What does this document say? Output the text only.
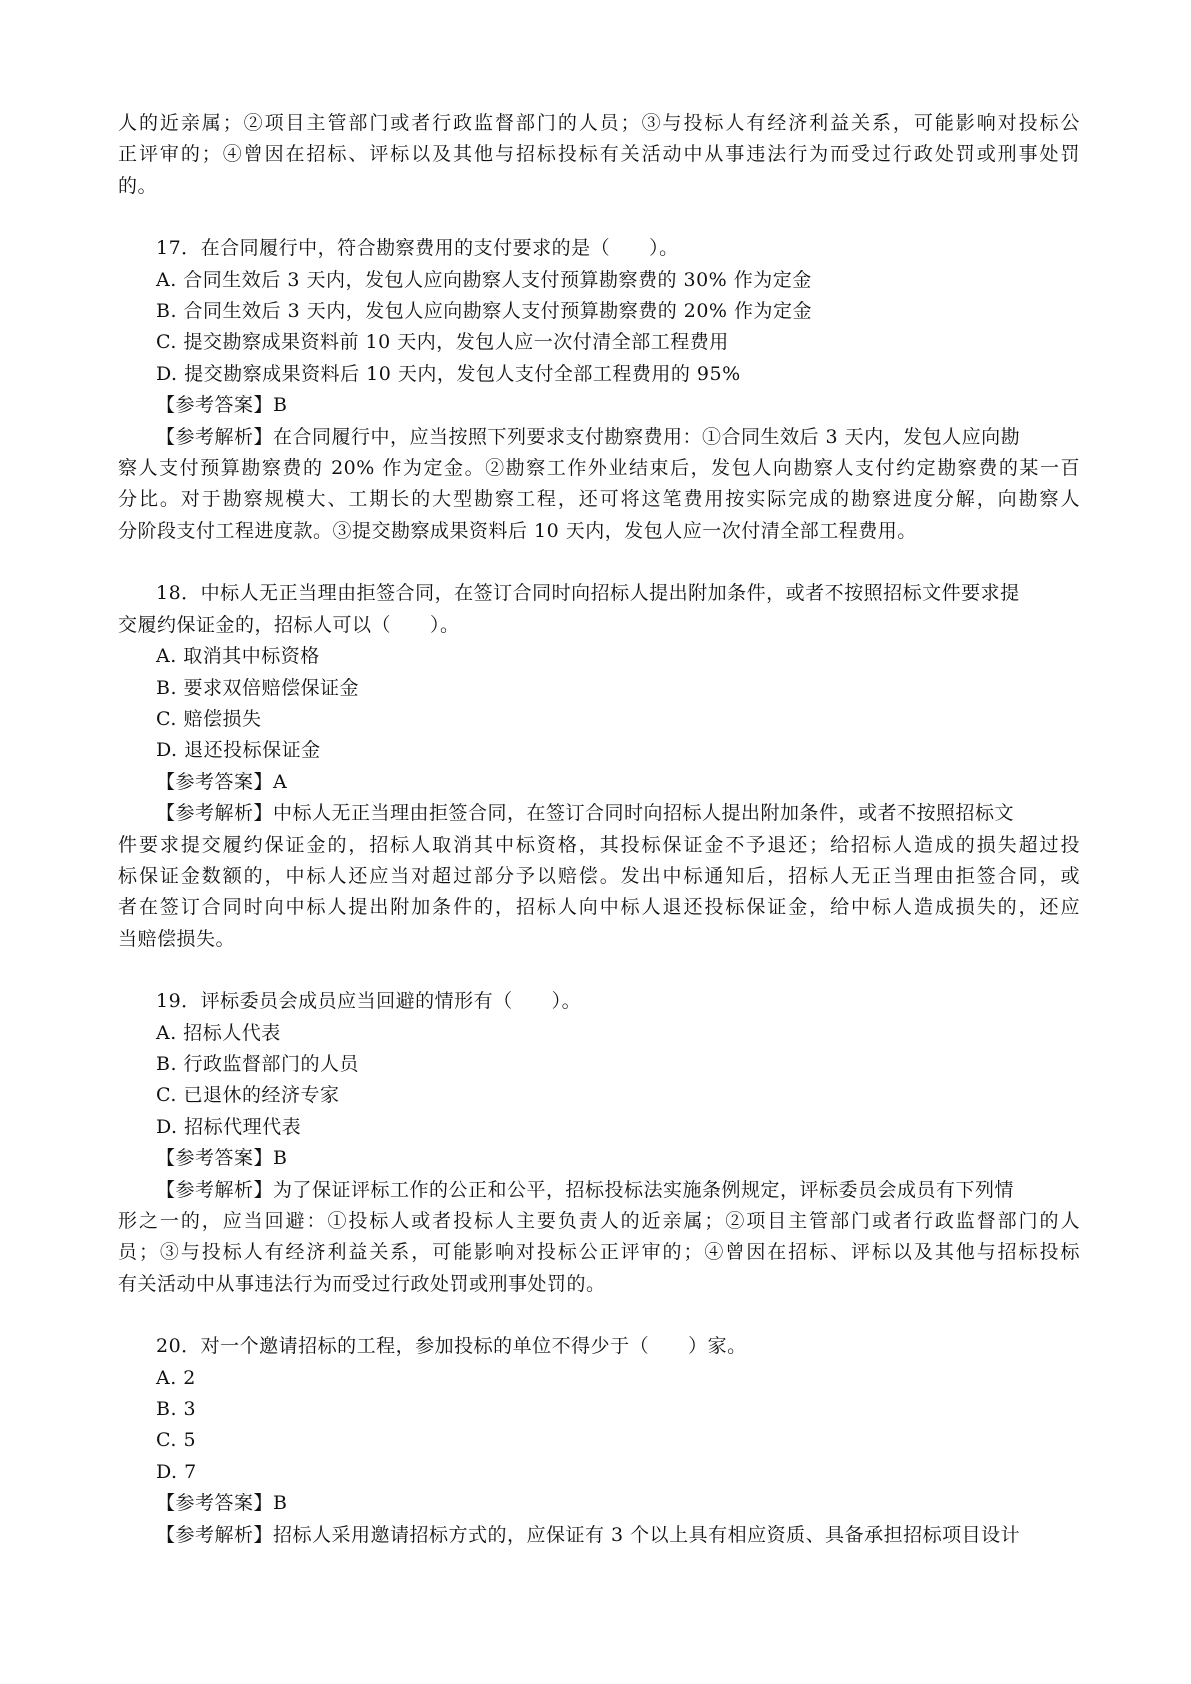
人的近亲属；②项目主管部门或者行政监督部门的人员；③与投标人有经济利益关系，可能影响对投标公
正评审的；④曾因在招标、评标以及其他与招标投标有关活动中从事违法行为而受过行政处罚或刑事处罚
的。
17．在合同履行中，符合勘察费用的支付要求的是（　　）。
A. 合同生效后 3 天内，发包人应向勘察人支付预算勘察费的 30% 作为定金
B. 合同生效后 3 天内，发包人应向勘察人支付预算勘察费的 20% 作为定金
C. 提交勘察成果资料前 10 天内，发包人应一次付清全部工程费用
D. 提交勘察成果资料后 10 天内，发包人支付全部工程费用的 95%
【参考答案】B
【参考解析】在合同履行中，应当按照下列要求支付勘察费用：①合同生效后 3 天内，发包人应向勘
察人支付预算勘察费的 20% 作为定金。②勘察工作外业结束后，发包人向勘察人支付约定勘察费的某一百
分比。对于勘察规模大、工期长的大型勘察工程，还可将这笔费用按实际完成的勘察进度分解，向勘察人
分阶段支付工程进度款。③提交勘察成果资料后 10 天内，发包人应一次付清全部工程费用。
18．中标人无正当理由拒签合同，在签订合同时向招标人提出附加条件，或者不按照招标文件要求提
交履约保证金的，招标人可以（　　）。
A. 取消其中标资格
B. 要求双倍赔偿保证金
C. 赔偿损失
D. 退还投标保证金
【参考答案】A
【参考解析】中标人无正当理由拒签合同，在签订合同时向招标人提出附加条件，或者不按照招标文
件要求提交履约保证金的，招标人取消其中标资格，其投标保证金不予退还；给招标人造成的损失超过投
标保证金数额的，中标人还应当对超过部分予以赔偿。发出中标通知后，招标人无正当理由拒签合同，或
者在签订合同时向中标人提出附加条件的，招标人向中标人退还投标保证金，给中标人造成损失的，还应
当赔偿损失。
19．评标委员会成员应当回避的情形有（　　）。
A. 招标人代表
B. 行政监督部门的人员
C. 已退休的经济专家
D. 招标代理代表
【参考答案】B
【参考解析】为了保证评标工作的公正和公平，招标投标法实施条例规定，评标委员会成员有下列情
形之一的，应当回避：①投标人或者投标人主要负责人的近亲属；②项目主管部门或者行政监督部门的人
员；③与投标人有经济利益关系，可能影响对投标公正评审的；④曾因在招标、评标以及其他与招标投标
有关活动中从事违法行为而受过行政处罚或刑事处罚的。
20．对一个邀请招标的工程，参加投标的单位不得少于（　　）家。
A. 2
B. 3
C. 5
D. 7
【参考答案】B
【参考解析】招标人采用邀请招标方式的，应保证有 3 个以上具有相应资质、具备承担招标项目设计
